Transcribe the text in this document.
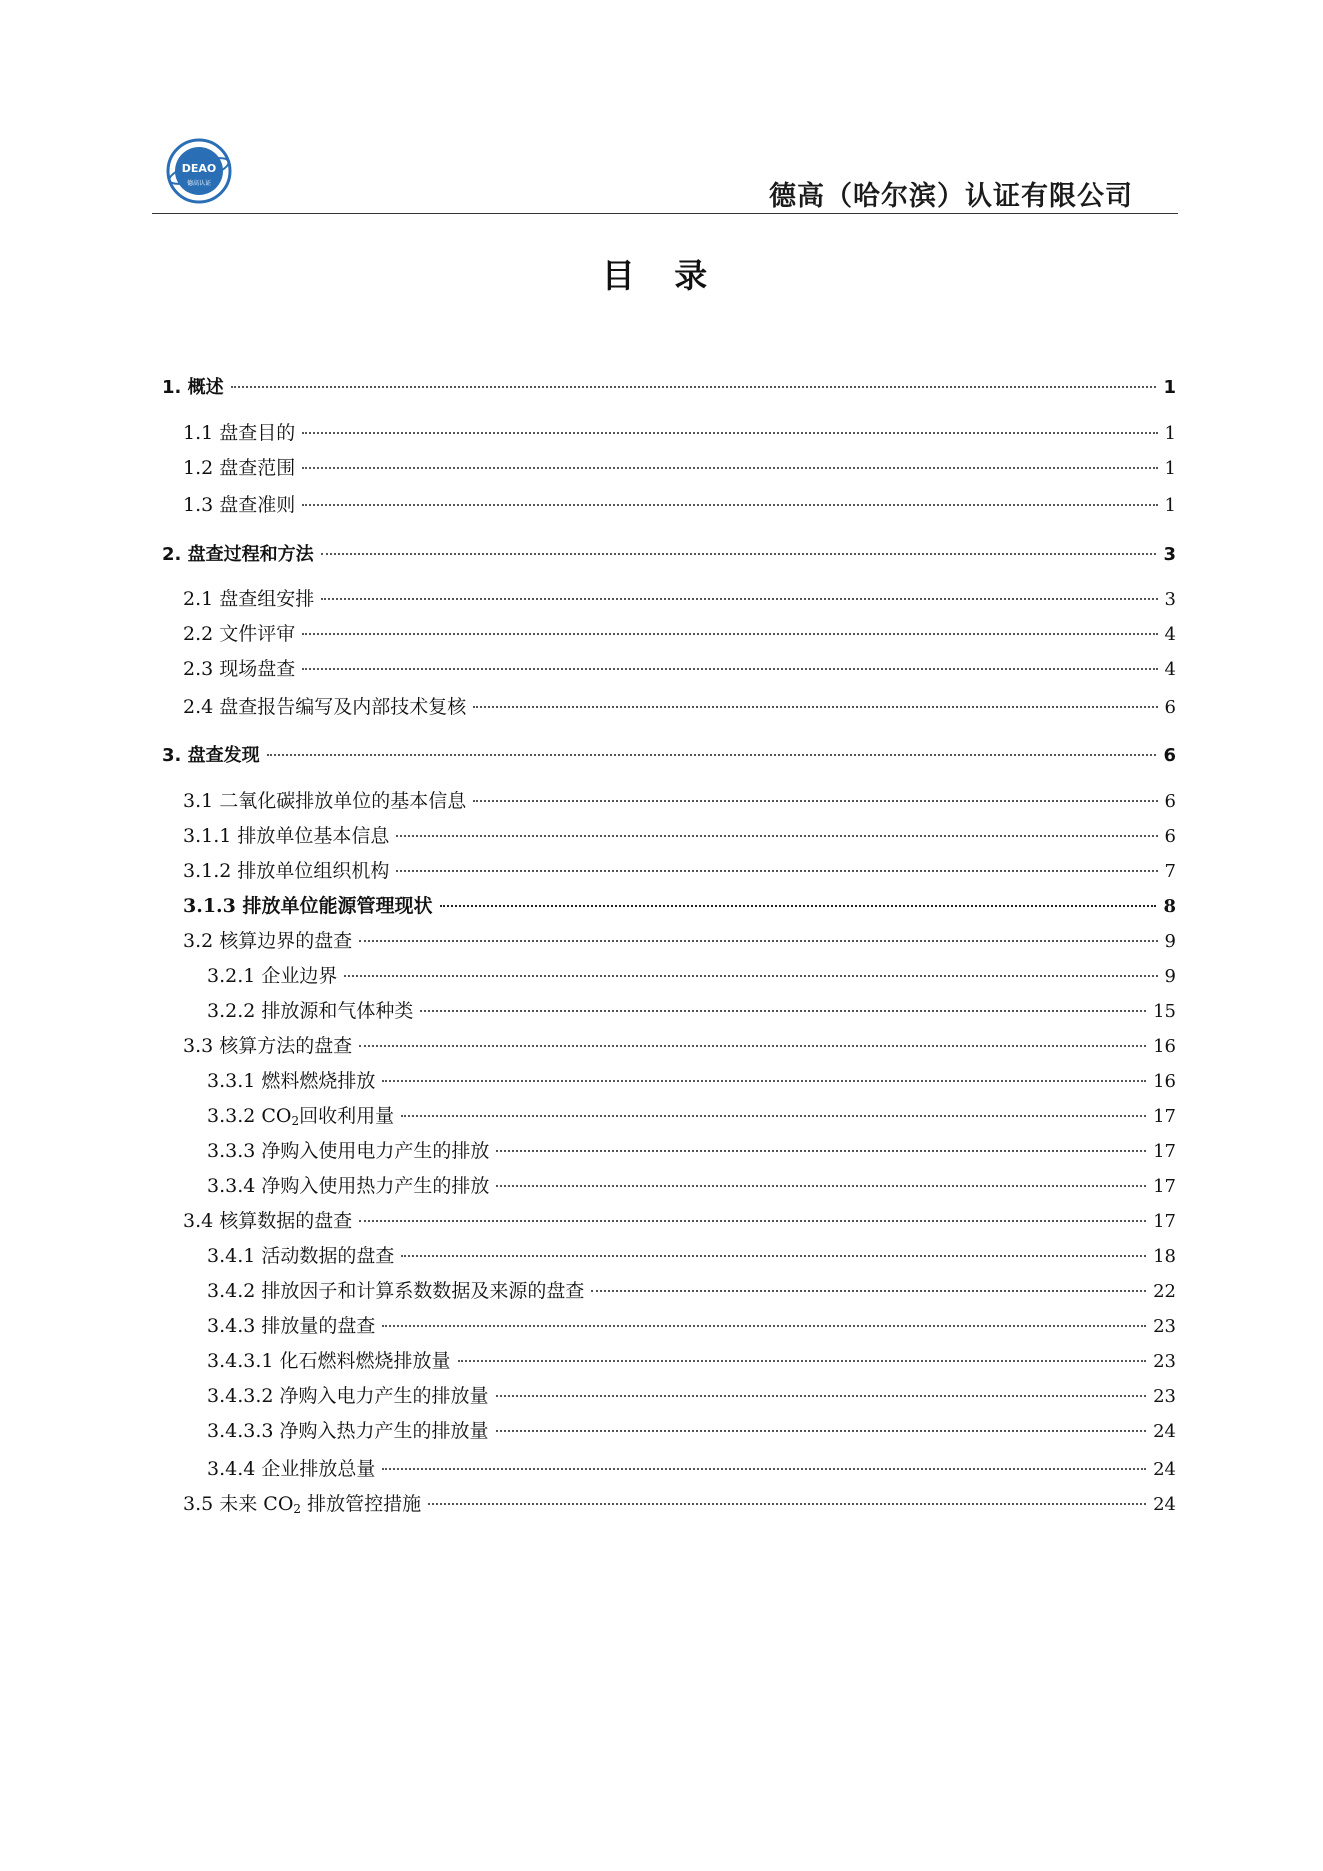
DEAO
德高认证	德高（哈尔滨）认证有限公司
目 录
1. 概述	1
1.1 盘查目的	1
1.2 盘查范围	1
1.3 盘查准则	1
2. 盘查过程和方法	3
2.1 盘查组安排	3
2.2 文件评审	4
2.3 现场盘查	4
2.4 盘查报告编写及内部技术复核	6
3. 盘查发现	6
3.1 二氧化碳排放单位的基本信息	6
3.1.1 排放单位基本信息	6
3.1.2 排放单位组织机构	7
3.1.3 排放单位能源管理现状	8
3.2 核算边界的盘查	9
3.2.1 企业边界	9
3.2.2 排放源和气体种类	15
3.3 核算方法的盘查	16
3.3.1 燃料燃烧排放	16
3.3.2 CO2回收利用量	17
3.3.3 净购入使用电力产生的排放	17
3.3.4 净购入使用热力产生的排放	17
3.4 核算数据的盘查	17
3.4.1 活动数据的盘查	18
3.4.2 排放因子和计算系数数据及来源的盘查	22
3.4.3 排放量的盘查	23
3.4.3.1 化石燃料燃烧排放量	23
3.4.3.2 净购入电力产生的排放量	23
3.4.3.3 净购入热力产生的排放量	24
3.4.4 企业排放总量	24
3.5 未来 CO2 排放管控措施	24
